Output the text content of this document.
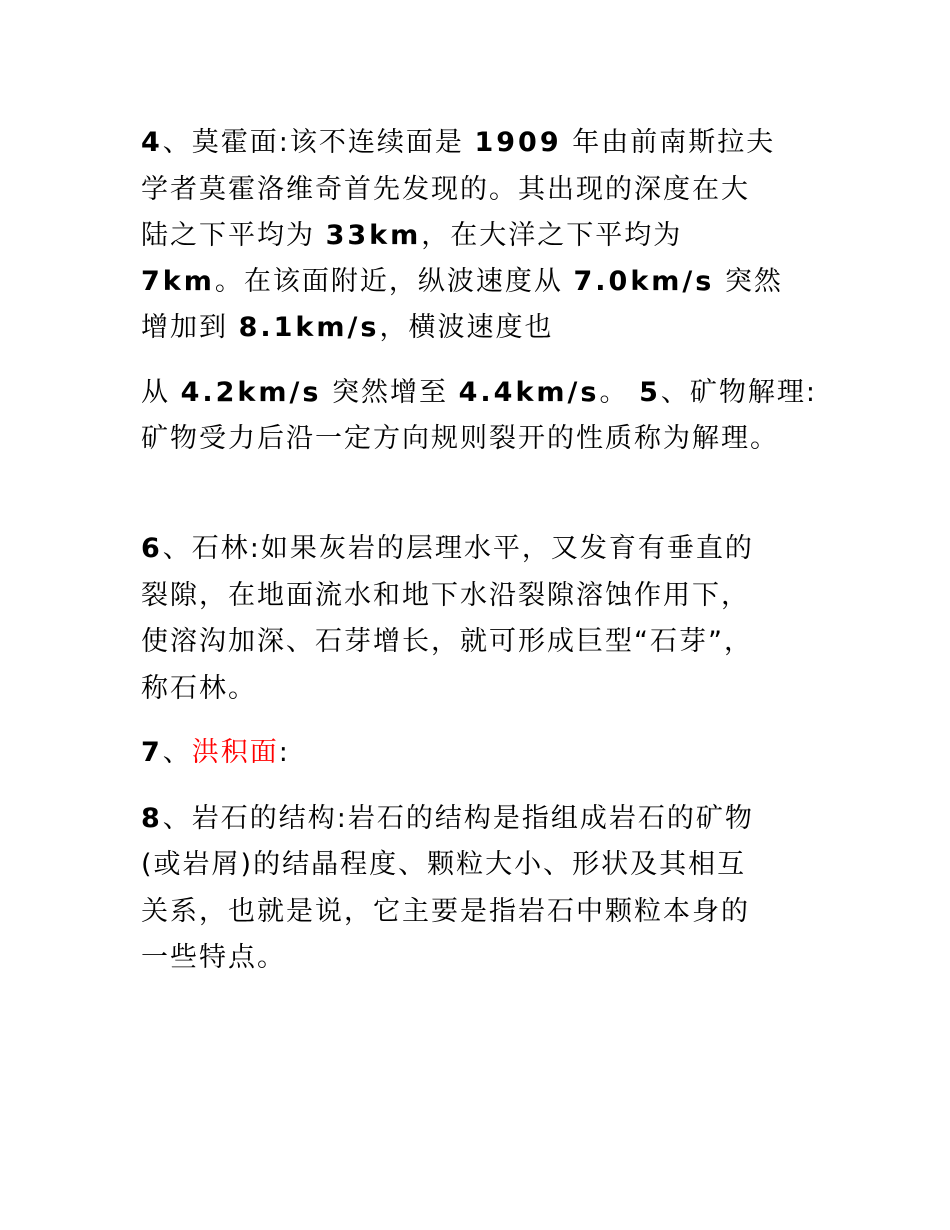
4、莫霍面:该不连续面是 1909 年由前南斯拉夫
学者莫霍洛维奇首先发现的。其出现的深度在大
陆之下平均为 33km，在大洋之下平均为
7km。在该面附近，纵波速度从 7.0km/s 突然
增加到 8.1km/s，横波速度也
从 4.2km/s 突然增至 4.4km/s。 5、矿物解理:
矿物受力后沿一定方向规则裂开的性质称为解理。
6、石林:如果灰岩的层理水平，又发育有垂直的
裂隙，在地面流水和地下水沿裂隙溶蚀作用下，
使溶沟加深、石芽增长，就可形成巨型“石芽”，
称石林。
7、洪积面:
8、岩石的结构:岩石的结构是指组成岩石的矿物
(或岩屑)的结晶程度、颗粒大小、形状及其相互
关系，也就是说，它主要是指岩石中颗粒本身的
一些特点。
